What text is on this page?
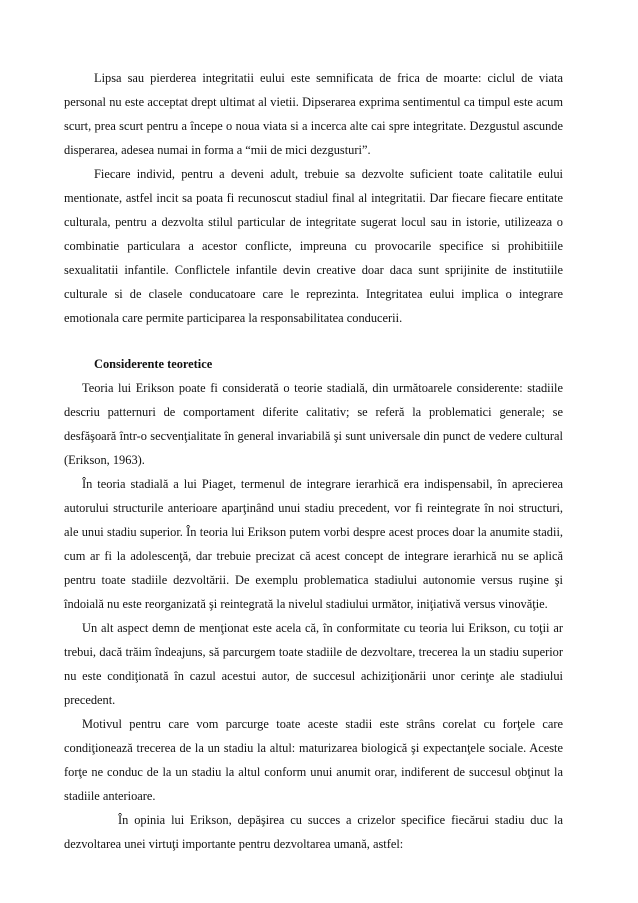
Lipsa sau pierderea integritatii eului este semnificata de frica de moarte: ciclul de viata personal nu este acceptat drept ultimat al vietii. Dipserarea exprima sentimentul ca timpul este acum scurt, prea scurt pentru a începe o noua viata si a incerca alte cai spre integritate. Dezgustul ascunde disperarea, adesea numai in forma a “mii de mici dezgusturi”.

Fiecare individ, pentru a deveni adult, trebuie sa dezvolte suficient toate calitatile eului mentionate, astfel incit sa poata fi recunoscut stadiul final al integritatii. Dar fiecare fiecare entitate culturala, pentru a dezvolta stilul particular de integritate sugerat locul sau in istorie, utilizeaza o combinatie particulara a acestor conflicte, impreuna cu provocarile specifice si prohibitiile sexualitatii infantile. Conflictele infantile devin creative doar daca sunt sprijinite de institutiile culturale si de clasele conducatoare care le reprezinta. Integritatea eului implica o integrare emotionala care permite participarea la responsabilitatea conducerii.

Considerente teoretice

Teoria lui Erikson poate fi considerată o teorie stadială, din următoarele considerente: stadiile descriu patternuri de comportament diferite calitativ; se referă la problematici generale; se desfăşoară într-o secvenţialitate în general invariabilă şi sunt universale din punct de vedere cultural (Erikson, 1963).

În teoria stadială a lui Piaget, termenul de integrare ierarhică era indispensabil, în aprecierea autorului structurile anterioare aparţinând unui stadiu precedent, vor fi reintegrate în noi structuri, ale unui stadiu superior. În teoria lui Erikson putem vorbi despre acest proces doar la anumite stadii, cum ar fi la adolescenţă, dar trebuie precizat că acest concept de integrare ierarhică nu se aplică pentru toate stadiile dezvoltării. De exemplu problematica stadiului autonomie versus ruşine şi îndoială nu este reorganizată şi reintegrată la nivelul stadiului următor, iniţiativă versus vinovăţie.

Un alt aspect demn de menţionat este acela că, în conformitate cu teoria lui Erikson, cu toţii ar trebui, dacă trăim îndeajuns, să parcurgem toate stadiile de dezvoltare, trecerea la un stadiu superior nu este condiţionată în cazul acestui autor, de succesul achiziţionării unor cerinţe ale stadiului precedent.

Motivul pentru care vom parcurge toate aceste stadii este strâns corelat cu forţele care condiţionează trecerea de la un stadiu la altul: maturizarea biologică şi expectanţele sociale. Aceste forţe ne conduc de la un stadiu la altul conform unui anumit orar, indiferent de succesul obţinut la stadiile anterioare.

În opinia lui Erikson, depăşirea cu succes a crizelor specifice fiecărui stadiu duc la dezvoltarea unei virtuţi importante pentru dezvoltarea umană, astfel:
